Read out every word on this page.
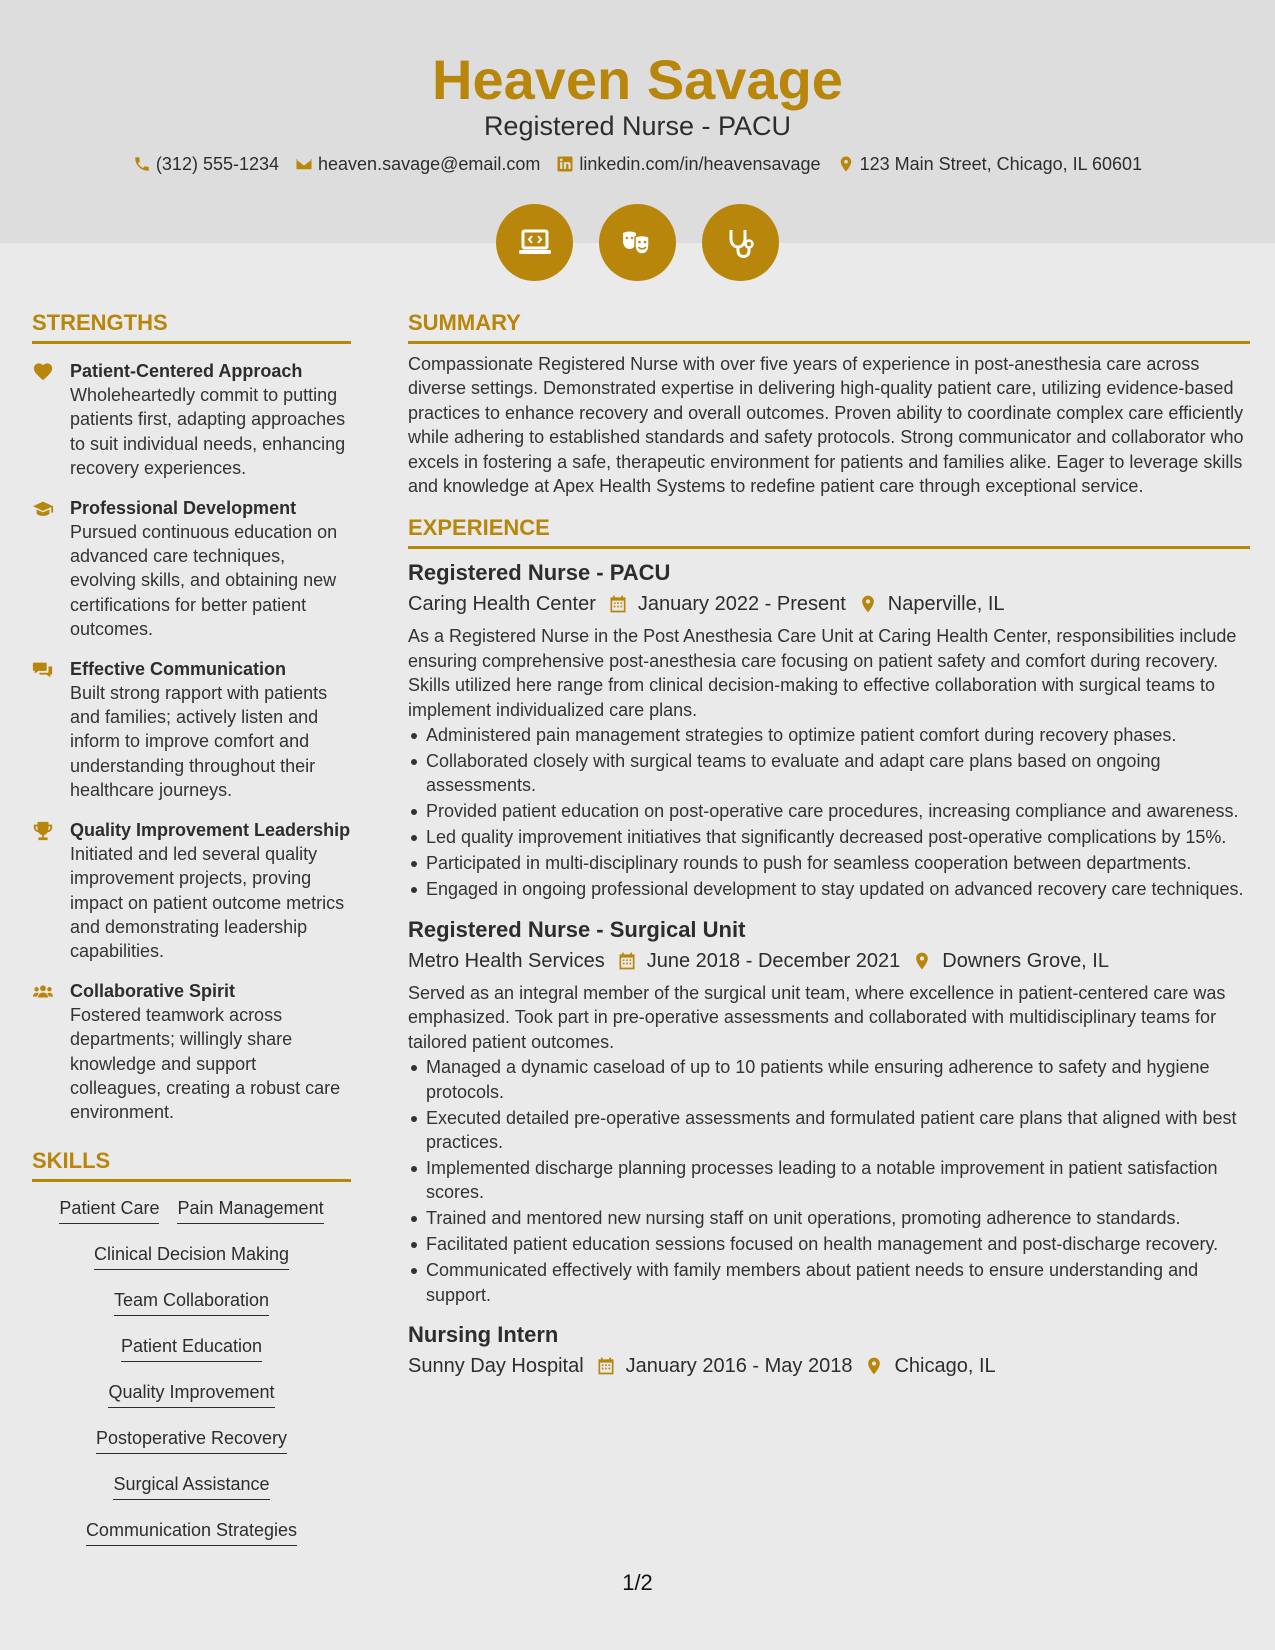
Heaven Savage
Registered Nurse - PACU
(312) 555-1234 heaven.savage@email.com linkedin.com/in/heavensavage 123 Main Street, Chicago, IL 60601
STRENGTHS
Patient-Centered Approach
Wholeheartedly commit to putting patients first, adapting approaches to suit individual needs, enhancing recovery experiences.
Professional Development
Pursued continuous education on advanced care techniques, evolving skills, and obtaining new certifications for better patient outcomes.
Effective Communication
Built strong rapport with patients and families; actively listen and inform to improve comfort and understanding throughout their healthcare journeys.
Quality Improvement Leadership
Initiated and led several quality improvement projects, proving impact on patient outcome metrics and demonstrating leadership capabilities.
Collaborative Spirit
Fostered teamwork across departments; willingly share knowledge and support colleagues, creating a robust care environment.
SKILLS
Patient Care Pain Management
Clinical Decision Making
Team Collaboration
Patient Education
Quality Improvement
Postoperative Recovery
Surgical Assistance
Communication Strategies
SUMMARY
Compassionate Registered Nurse with over five years of experience in post-anesthesia care across diverse settings. Demonstrated expertise in delivering high-quality patient care, utilizing evidence-based practices to enhance recovery and overall outcomes. Proven ability to coordinate complex care efficiently while adhering to established standards and safety protocols. Strong communicator and collaborator who excels in fostering a safe, therapeutic environment for patients and families alike. Eager to leverage skills and knowledge at Apex Health Systems to redefine patient care through exceptional service.
EXPERIENCE
Registered Nurse - PACU
Caring Health Center January 2022 - Present Naperville, IL
As a Registered Nurse in the Post Anesthesia Care Unit at Caring Health Center, responsibilities include ensuring comprehensive post-anesthesia care focusing on patient safety and comfort during recovery. Skills utilized here range from clinical decision-making to effective collaboration with surgical teams to implement individualized care plans.
Administered pain management strategies to optimize patient comfort during recovery phases.
Collaborated closely with surgical teams to evaluate and adapt care plans based on ongoing assessments.
Provided patient education on post-operative care procedures, increasing compliance and awareness.
Led quality improvement initiatives that significantly decreased post-operative complications by 15%.
Participated in multi-disciplinary rounds to push for seamless cooperation between departments.
Engaged in ongoing professional development to stay updated on advanced recovery care techniques.
Registered Nurse - Surgical Unit
Metro Health Services June 2018 - December 2021 Downers Grove, IL
Served as an integral member of the surgical unit team, where excellence in patient-centered care was emphasized. Took part in pre-operative assessments and collaborated with multidisciplinary teams for tailored patient outcomes.
Managed a dynamic caseload of up to 10 patients while ensuring adherence to safety and hygiene protocols.
Executed detailed pre-operative assessments and formulated patient care plans that aligned with best practices.
Implemented discharge planning processes leading to a notable improvement in patient satisfaction scores.
Trained and mentored new nursing staff on unit operations, promoting adherence to standards.
Facilitated patient education sessions focused on health management and post-discharge recovery.
Communicated effectively with family members about patient needs to ensure understanding and support.
Nursing Intern
Sunny Day Hospital January 2016 - May 2018 Chicago, IL
1/2
